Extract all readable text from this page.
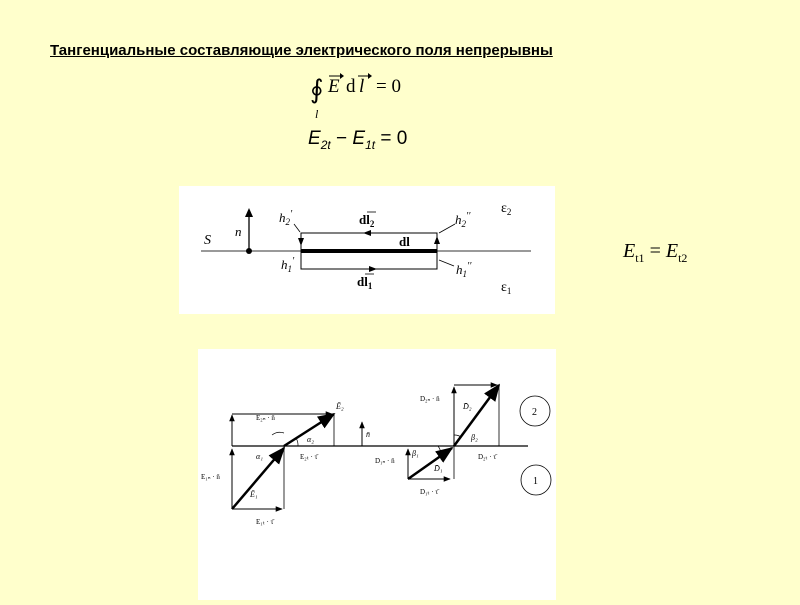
Тангенциальные составляющие электрического поля непрерывны
∮
l
E d l = 0
$E_{2t} - E_{1t} = 0$
$E_{t1} = E_{t2}$
S
n
$h_2'$
$h_1'$
$h_2''$
$h_1''$
$dl_2$
dl
$dl_1$
$\varepsilon_2$
$\varepsilon_1$
E₂ₙ · n̄
Ē₂
α₂
E₂ₜ · τ̄
α₁
E₁ₙ · n̄
Ē₁
E₁ₜ · τ̄
n̄
D₂ₙ · n̄
D̄₂
β₂
D₁ₙ · n̄
β₁
D̄₁
D₂ₜ · τ̄
D₁ₜ · τ̄
2
1
